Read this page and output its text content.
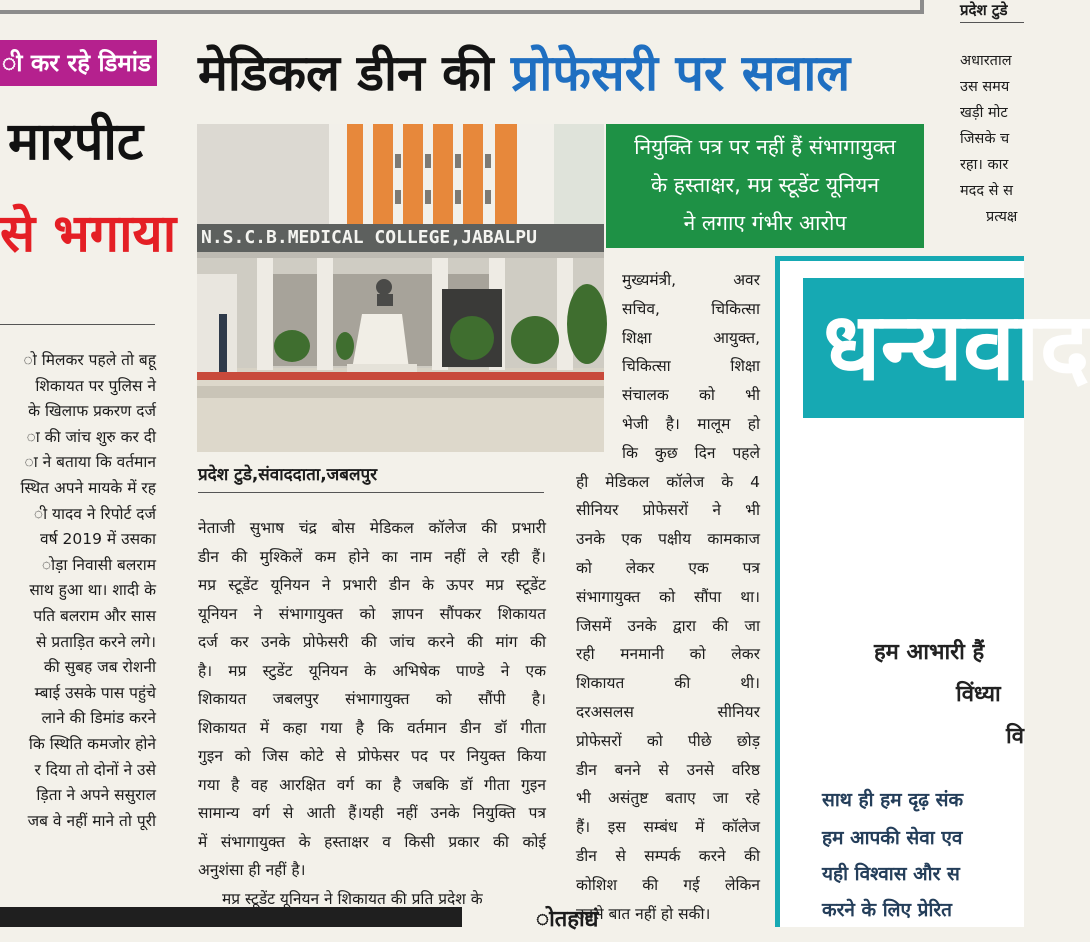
ी कर रहे डिमांड
मारपीट
से भगाया
ो मिलकर पहले तो बहू
शिकायत पर पुलिस ने
के खिलाफ प्रकरण दर्ज
ा की जांच शुरु कर दी
ा ने बताया कि वर्तमान
स्थित अपने मायके में रह
ी यादव ने रिपोर्ट दर्ज
वर्ष 2019 में उसका
ोड़ा निवासी बलराम
साथ हुआ था। शादी के
पति बलराम और सास
से प्रताड़ित करने लगे।
की सुबह जब रोशनी
म्बाई उसके पास पहुंचे
लाने की डिमांड करने
कि स्थिति कमजोर होने
र दिया तो दोनों ने उसे
ड़िता ने अपने ससुराल
जब वे नहीं माने तो पूरी
मेडिकल डीन की प्रोफेसरी पर सवाल
N.S.C.B.MEDICAL COLLEGE,JABALPU
नियुक्ति पत्र पर नहीं हैं संभागायुक्त
के हस्ताक्षर, मप्र स्टूडेंट यूनियन
ने लगाए गंभीर आरोप
प्रदेश टुडे,संवाददाता,जबलपुर
नेताजी सुभाष चंद्र बोस मेडिकल कॉलेज की प्रभारी
डीन की मुश्किलें कम होने का नाम नहीं ले रही हैं।
मप्र स्टूडेंट यूनियन ने प्रभारी डीन के ऊपर मप्र स्टूडेंट
यूनियन ने संभागायुक्त को ज्ञापन सौंपकर शिकायत
दर्ज कर उनके प्रोफेसरी की जांच करने की मांग की
है। मप्र स्टुडेंट यूनियन के अभिषेक पाण्डे ने एक
शिकायत जबलपुर संभागायुक्त को सौंपी है।
शिकायत में कहा गया है कि वर्तमान डीन डॉ गीता
गुइन को जिस कोटे से प्रोफेसर पद पर नियुक्त किया
गया है वह आरक्षित वर्ग का है जबकि डॉ गीता गुइन
सामान्य वर्ग से आती हैं।यही नहीं उनके नियुक्ति पत्र
में संभागायुक्त के हस्ताक्षर व किसी प्रकार की कोई
अनुशंसा ही नहीं है।
मप्र स्टूडेंट यूनियन ने शिकायत की प्रति प्रदेश के
मुख्यमंत्री, अवर
सचिव, चिकित्सा
शिक्षा आयुक्त,
चिकित्सा शिक्षा
संचालक को भी
भेजी है। मालूम हो
कि कुछ दिन पहले
ही मेडिकल कॉलेज के 4
सीनियर प्रोफेसरों ने भी
उनके एक पक्षीय कामकाज
को लेकर एक पत्र
संभागायुक्त को सौंपा था।
जिसमें उनके द्वारा की जा
रही मनमानी को लेकर
शिकायत की थी।
दरअसलस सीनियर
प्रोफेसरों को पीछे छोड़
डीन बनने से उनसे वरिष्ठ
भी असंतुष्ट बताए जा रहे
हैं। इस सम्बंध में कॉलेज
डीन से सम्पर्क करने की
कोशिश की गई लेकिन
उनसे बात नहीं हो सकी।
ोतहाद्यं
प्रदेश टुडे
अधारताल
उस समय
खड़ी मोट
जिसके च
रहा। कार
मदद से स
प्रत्यक्ष
धन्यवाद
हम आभारी हैं
विंध्या
वि
साथ ही हम दृढ़ संक
हम आपकी सेवा एव
यही विश्वास और स
करने के लिए प्रेरित
